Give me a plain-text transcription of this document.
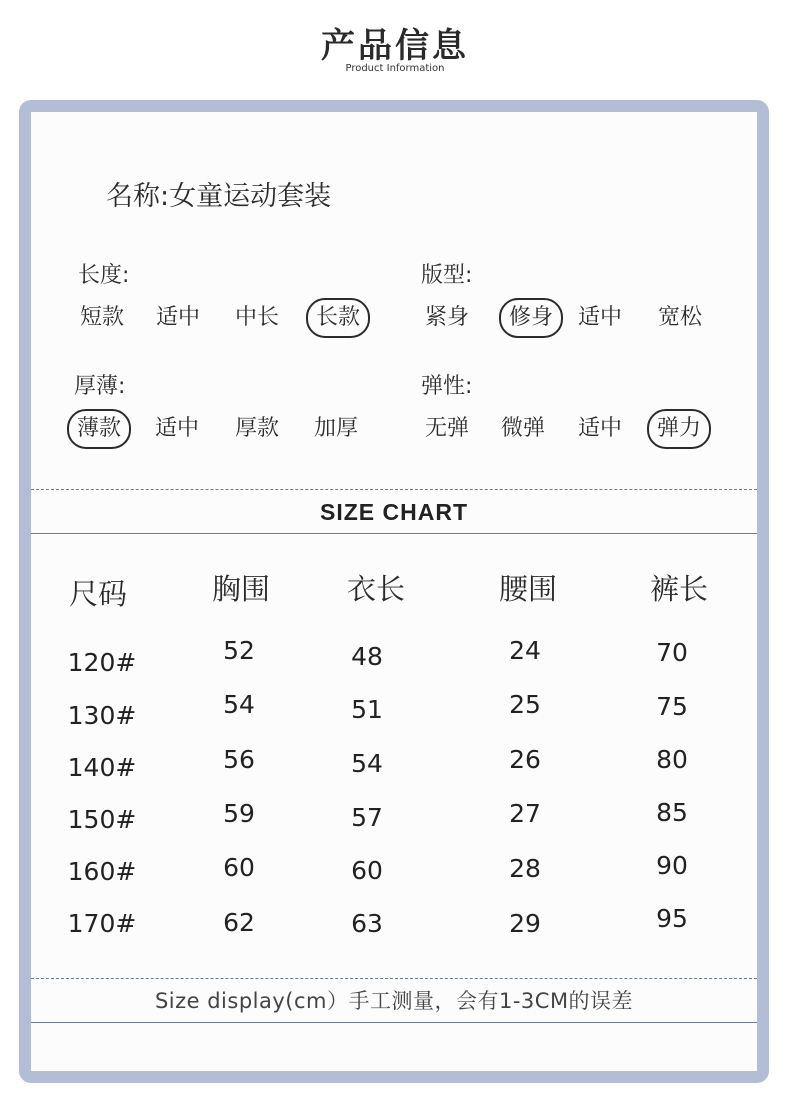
产品信息
Product Information
名称:女童运动套装
长度:
短款 适中 中长	长款
版型:
紧身	修身	适中 宽松
厚薄:
薄款	适中 厚款 加厚
弹性:
无弹 微弹 适中	弹力
SIZE CHART
尺码	胸围	衣长	腰围	裤长
120#	52	48	24	70
130#	54	51	25	75
140#	56	54	26	80
150#	59	57	27	85
160#	60	60	28	90
170#	62	63	29	95
Size display(cm）手工测量，会有1-3CM的误差
